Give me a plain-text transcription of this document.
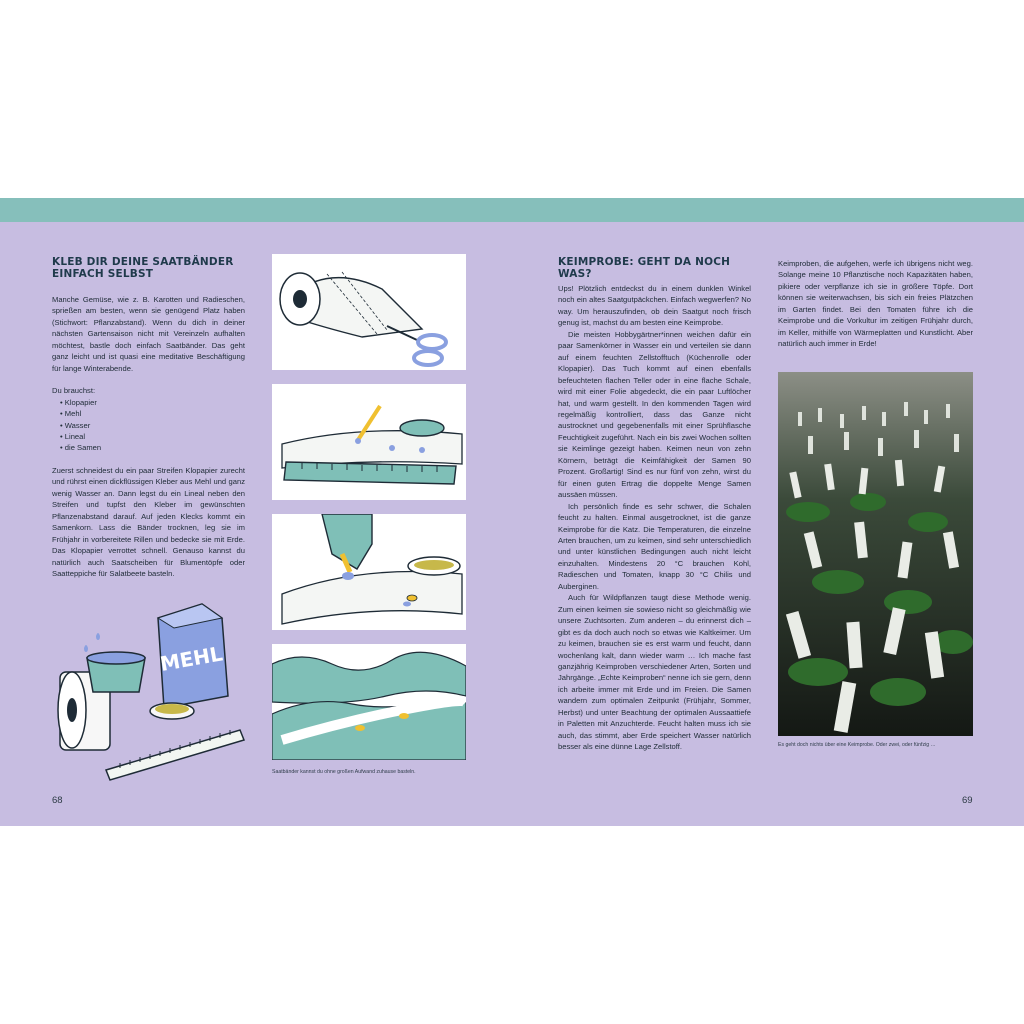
KLEB DIR DEINE SAATBÄNDER EINFACH SELBST

Manche Gemüse, wie z. B. Karotten und Radieschen, sprießen am besten, wenn sie genügend Platz haben (Stichwort: Pflanzabstand). Wenn du dich in deiner nächsten Gartensaison nicht mit Vereinzeln aufhalten möchtest, bastle doch einfach Saatbänder. Das geht ganz leicht und ist quasi eine meditative Beschäftigung für lange Winterabende.

Du brauchst:

• Klopapier
• Mehl
• Wasser
• Lineal
• die Samen

Zuerst schneidest du ein paar Streifen Klopapier zurecht und rührst einen dickflüssigen Kleber aus Mehl und ganz wenig Wasser an. Dann legst du ein Lineal neben den Streifen und tupfst den Kleber im gewünschten Pflanzenabstand darauf. Auf jeden Klecks kommt ein Samenkorn. Lass die Bänder trocknen, leg sie im Frühjahr in vorbereitete Rillen und bedecke sie mit Erde. Das Klopapier verrottet schnell. Genauso kannst du natürlich auch Saatscheiben für Blumentöpfe oder Saatteppiche für Salatbeete basteln.

MEHL
Saatbänder kannst du ohne großen Aufwand zuhause basteln.
68
KEIMPROBE: GEHT DA NOCH WAS?

Ups! Plötzlich entdeckst du in einem dunklen Winkel noch ein altes Saatgutpäckchen. Einfach wegwerfen? No way. Um herauszufinden, ob dein Saatgut noch frisch genug ist, machst du am besten eine Keimprobe.

Die meisten Hobbygärtner*innen weichen dafür ein paar Samenkörner in Wasser ein und verteilen sie dann auf einem feuchten Zellstofftuch (Küchenrolle oder Klopapier). Das Tuch kommt auf einen ebenfalls befeuchteten flachen Teller oder in eine flache Schale, wird mit einer Folie abgedeckt, die ein paar Luftlöcher hat, und warm gestellt. In den kommenden Tagen wird regelmäßig kontrolliert, dass das Ganze nicht austrocknet und gegebenenfalls mit einer Sprühflasche Feuchtigkeit zugeführt. Nach ein bis zwei Wochen sollten sie Keimlinge gezeigt haben. Keimen neun von zehn Körnern, beträgt die Keimfähigkeit der Samen 90 Prozent. Großartig! Sind es nur fünf von zehn, wirst du für einen guten Ertrag die doppelte Menge Samen aussäen müssen.

Ich persönlich finde es sehr schwer, die Schalen feucht zu halten. Einmal ausgetrocknet, ist die ganze Keimprobe für die Katz. Die Temperaturen, die einzelne Arten brauchen, um zu keimen, sind sehr unterschiedlich und unter künstlichen Bedingungen auch nicht leicht einzuhalten. Mindestens 20 °C brauchen Kohl, Radieschen und Tomaten, knapp 30 °C Chilis und Auberginen.

Auch für Wildpflanzen taugt diese Methode wenig. Zum einen keimen sie sowieso nicht so gleichmäßig wie unsere Zuchtsorten. Zum anderen – du erinnerst dich – gibt es da doch auch noch so etwas wie Kaltkeimer. Um zu keimen, brauchen sie es erst warm und feucht, dann wochenlang kalt, dann wieder warm … Ich mache fast ganzjährig Keimproben verschiedener Arten, Sorten und Jahrgänge. „Echte Keimproben“ nenne ich sie gern, denn ich arbeite immer mit Erde und im Freien. Die Samen wandern zum optimalen Zeitpunkt (Frühjahr, Sommer, Herbst) und unter Beachtung der optimalen Aussaattiefe in Paletten mit Anzuchterde. Feucht halten muss ich sie auch, das stimmt, aber Erde speichert Wasser natürlich besser als eine dünne Lage Zellstoff.

Keimproben, die aufgehen, werfe ich übrigens nicht weg. Solange meine 10 Pflanztische noch Kapazitäten haben, pikiere oder verpflanze ich sie in größere Töpfe. Dort können sie weiterwachsen, bis sich ein freies Plätzchen im Garten findet. Bei den Tomaten führe ich die Keimprobe und die Vorkultur im zeitigen Frühjahr durch, im Keller, mithilfe von Wärmeplatten und Kunstlicht. Aber natürlich auch immer in Erde!

Es geht doch nichts über eine Keimprobe. Oder zwei, oder fünfzig …
69
